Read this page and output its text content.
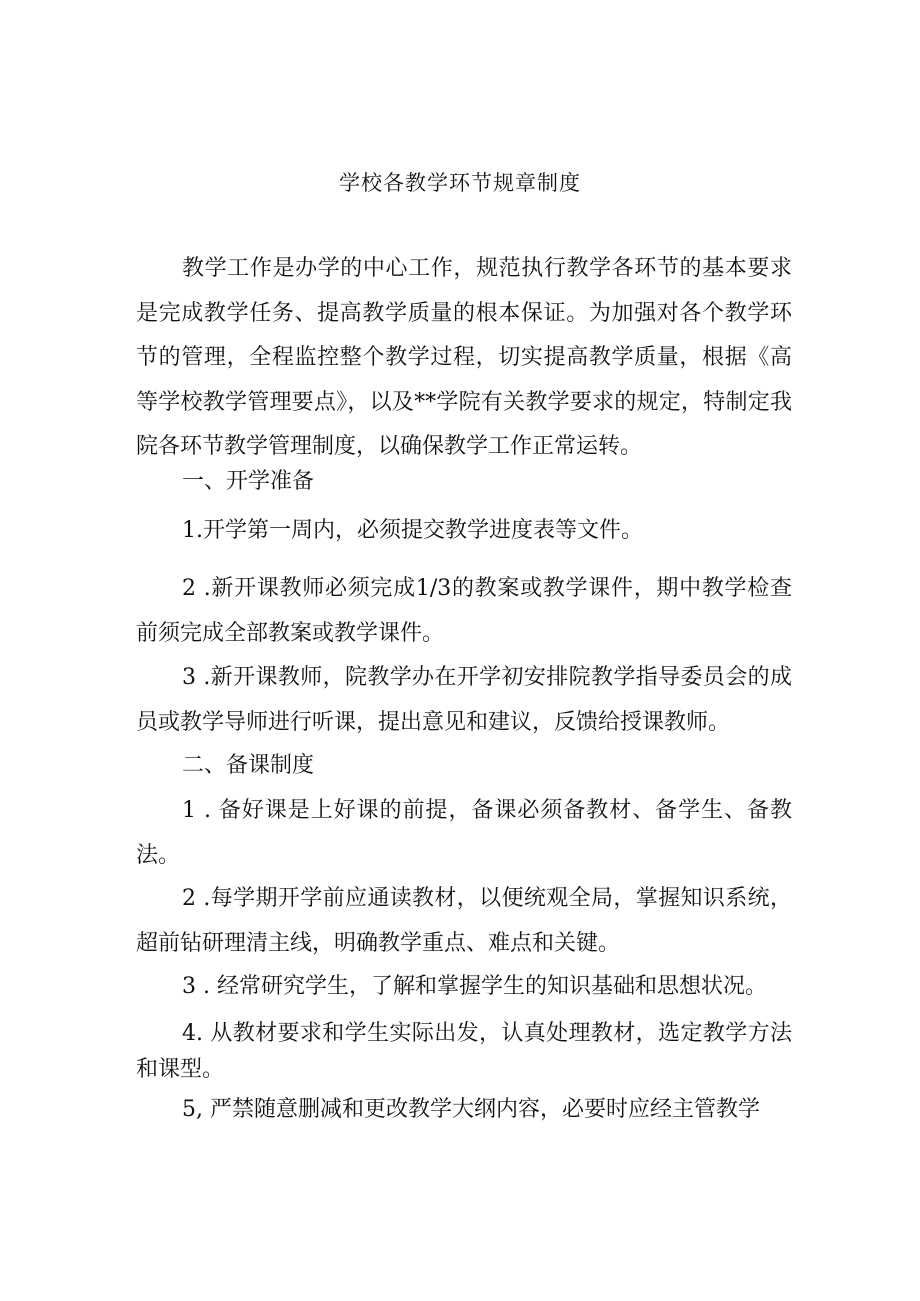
学校各教学环节规章制度

教学工作是办学的中心工作，规范执行教学各环节的基本要求是完成教学任务、提高教学质量的根本保证。为加强对各个教学环节的管理，全程监控整个教学过程，切实提高教学质量，根据《高等学校教学管理要点》，以及**学院有关教学要求的规定，特制定我院各环节教学管理制度，以确保教学工作正常运转。

一、开学准备

1.开学第一周内，必须提交教学进度表等文件。

2 .新开课教师必须完成1/3的教案或教学课件，期中教学检查前须完成全部教案或教学课件。

3 .新开课教师，院教学办在开学初安排院教学指导委员会的成员或教学导师进行听课，提出意见和建议，反馈给授课教师。

二、备课制度

1 . 备好课是上好课的前提，备课必须备教材、备学生、备教法。

2 .每学期开学前应通读教材，以便统观全局，掌握知识系统，超前钻研理清主线，明确教学重点、难点和关键。

3 . 经常研究学生，了解和掌握学生的知识基础和思想状况。

4. 从教材要求和学生实际出发，认真处理教材，选定教学方法和课型。

5, 严禁随意删减和更改教学大纲内容，必要时应经主管教学
